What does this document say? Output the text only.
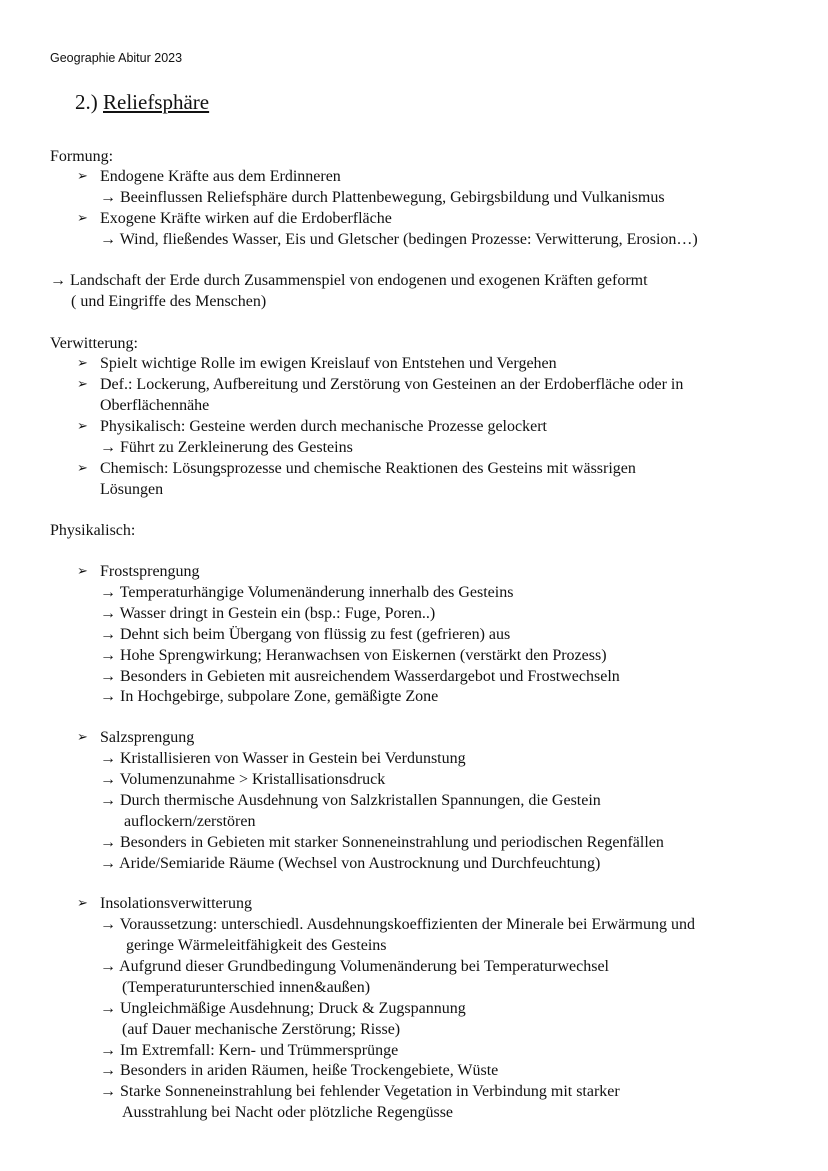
Geographie Abitur 2023
2.) Reliefsphäre
Formung:
➢ Endogene Kräfte aus dem Erdinneren
→ Beeinflussen Reliefsphäre durch Plattenbewegung, Gebirgsbildung und Vulkanismus
➢ Exogene Kräfte wirken auf die Erdoberfläche
→ Wind, fließendes Wasser, Eis und Gletscher (bedingen Prozesse: Verwitterung, Erosion…)
→ Landschaft der Erde durch Zusammenspiel von endogenen und exogenen Kräften geformt
( und Eingriffe des Menschen)
Verwitterung:
➢ Spielt wichtige Rolle im ewigen Kreislauf von Entstehen und Vergehen
➢ Def.: Lockerung, Aufbereitung und Zerstörung von Gesteinen an der Erdoberfläche oder in
Oberflächennähe
➢ Physikalisch: Gesteine werden durch mechanische Prozesse gelockert
→ Führt zu Zerkleinerung des Gesteins
➢ Chemisch: Lösungsprozesse und chemische Reaktionen des Gesteins mit wässrigen
Lösungen
Physikalisch:
➢ Frostsprengung
→ Temperaturhängige Volumenänderung innerhalb des Gesteins
→ Wasser dringt in Gestein ein (bsp.: Fuge, Poren..)
→ Dehnt sich beim Übergang von flüssig zu fest (gefrieren) aus
→ Hohe Sprengwirkung; Heranwachsen von Eiskernen (verstärkt den Prozess)
→ Besonders in Gebieten mit ausreichendem Wasserdargebot und Frostwechseln
→ In Hochgebirge, subpolare Zone, gemäßigte Zone
➢ Salzsprengung
→ Kristallisieren von Wasser in Gestein bei Verdunstung
→ Volumenzunahme > Kristallisationsdruck
→ Durch thermische Ausdehnung von Salzkristallen Spannungen, die Gestein
auflockern/zerstören
→ Besonders in Gebieten mit starker Sonneneinstrahlung und periodischen Regenfällen
→ Aride/Semiaride Räume (Wechsel von Austrocknung und Durchfeuchtung)
➢ Insolationsverwitterung
→ Voraussetzung: unterschiedl. Ausdehnungskoeffizienten der Minerale bei Erwärmung und
geringe Wärmeleitfähigkeit des Gesteins
→ Aufgrund dieser Grundbedingung Volumenänderung bei Temperaturwechsel
(Temperaturunterschied innen&außen)
→ Ungleichmäßige Ausdehnung; Druck & Zugspannung
(auf Dauer mechanische Zerstörung; Risse)
→ Im Extremfall: Kern- und Trümmersprünge
→ Besonders in ariden Räumen, heiße Trockengebiete, Wüste
→ Starke Sonneneinstrahlung bei fehlender Vegetation in Verbindung mit starker
Ausstrahlung bei Nacht oder plötzliche Regengüsse
